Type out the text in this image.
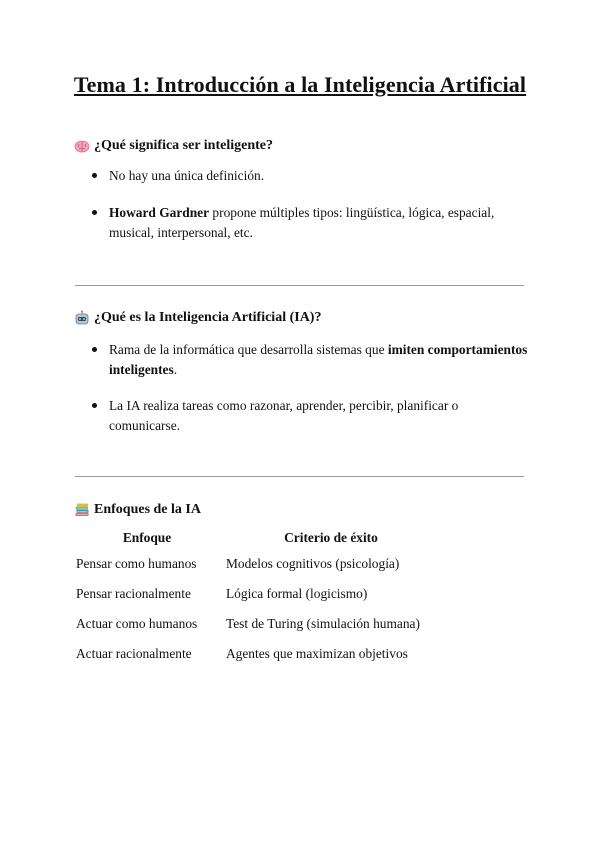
Tema 1: Introducción a la Inteligencia Artificial
¿Qué significa ser inteligente?
No hay una única definición.
Howard Gardner propone múltiples tipos: lingüística, lógica, espacial, musical, interpersonal, etc.
¿Qué es la Inteligencia Artificial (IA)?
Rama de la informática que desarrolla sistemas que imiten comportamientos inteligentes.
La IA realiza tareas como razonar, aprender, percibir, planificar o comunicarse.
Enfoques de la IA
Enfoque	Criterio de éxito
Pensar como humanos	Modelos cognitivos (psicología)
Pensar racionalmente	Lógica formal (logicismo)
Actuar como humanos	Test de Turing (simulación humana)
Actuar racionalmente	Agentes que maximizan objetivos
